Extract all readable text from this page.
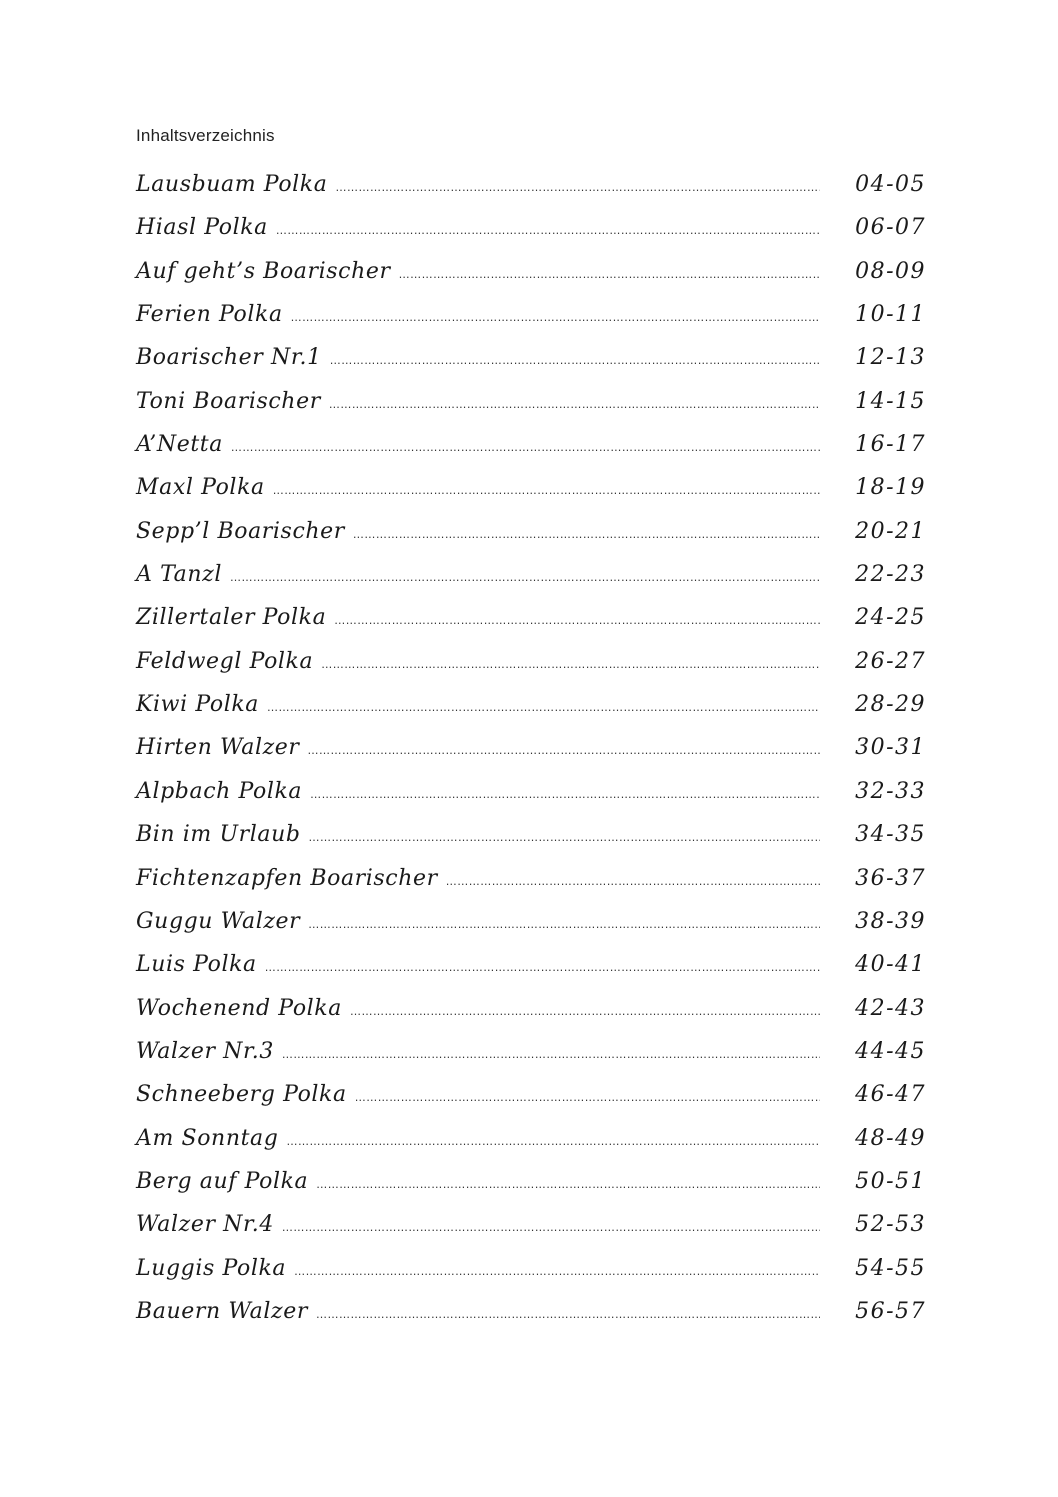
Inhaltsverzeichnis
Lausbuam Polka ……………………………………………………………………………………………………………………………………………………………………………………	04-05
Hiasl Polka ……………………………………………………………………………………………………………………………………………………………………………………	06-07
Auf geht’s Boarischer ……………………………………………………………………………………………………………………………………………………………………………………	08-09
Ferien Polka ……………………………………………………………………………………………………………………………………………………………………………………	10-11
Boarischer Nr.1 ……………………………………………………………………………………………………………………………………………………………………………………	12-13
Toni Boarischer ……………………………………………………………………………………………………………………………………………………………………………………	14-15
A’Netta ……………………………………………………………………………………………………………………………………………………………………………………	16-17
Maxl Polka ……………………………………………………………………………………………………………………………………………………………………………………	18-19
Sepp’l Boarischer ……………………………………………………………………………………………………………………………………………………………………………………	20-21
A Tanzl ……………………………………………………………………………………………………………………………………………………………………………………	22-23
Zillertaler Polka ……………………………………………………………………………………………………………………………………………………………………………………	24-25
Feldwegl Polka ……………………………………………………………………………………………………………………………………………………………………………………	26-27
Kiwi Polka ……………………………………………………………………………………………………………………………………………………………………………………	28-29
Hirten Walzer ……………………………………………………………………………………………………………………………………………………………………………………	30-31
Alpbach Polka ……………………………………………………………………………………………………………………………………………………………………………………	32-33
Bin im Urlaub ……………………………………………………………………………………………………………………………………………………………………………………	34-35
Fichtenzapfen Boarischer ……………………………………………………………………………………………………………………………………………………………………………………	36-37
Guggu Walzer ……………………………………………………………………………………………………………………………………………………………………………………	38-39
Luis Polka ……………………………………………………………………………………………………………………………………………………………………………………	40-41
Wochenend Polka ……………………………………………………………………………………………………………………………………………………………………………………	42-43
Walzer Nr.3 ……………………………………………………………………………………………………………………………………………………………………………………	44-45
Schneeberg Polka ……………………………………………………………………………………………………………………………………………………………………………………	46-47
Am Sonntag ……………………………………………………………………………………………………………………………………………………………………………………	48-49
Berg auf Polka ……………………………………………………………………………………………………………………………………………………………………………………	50-51
Walzer Nr.4 ……………………………………………………………………………………………………………………………………………………………………………………	52-53
Luggis Polka ……………………………………………………………………………………………………………………………………………………………………………………	54-55
Bauern Walzer ……………………………………………………………………………………………………………………………………………………………………………………	56-57
